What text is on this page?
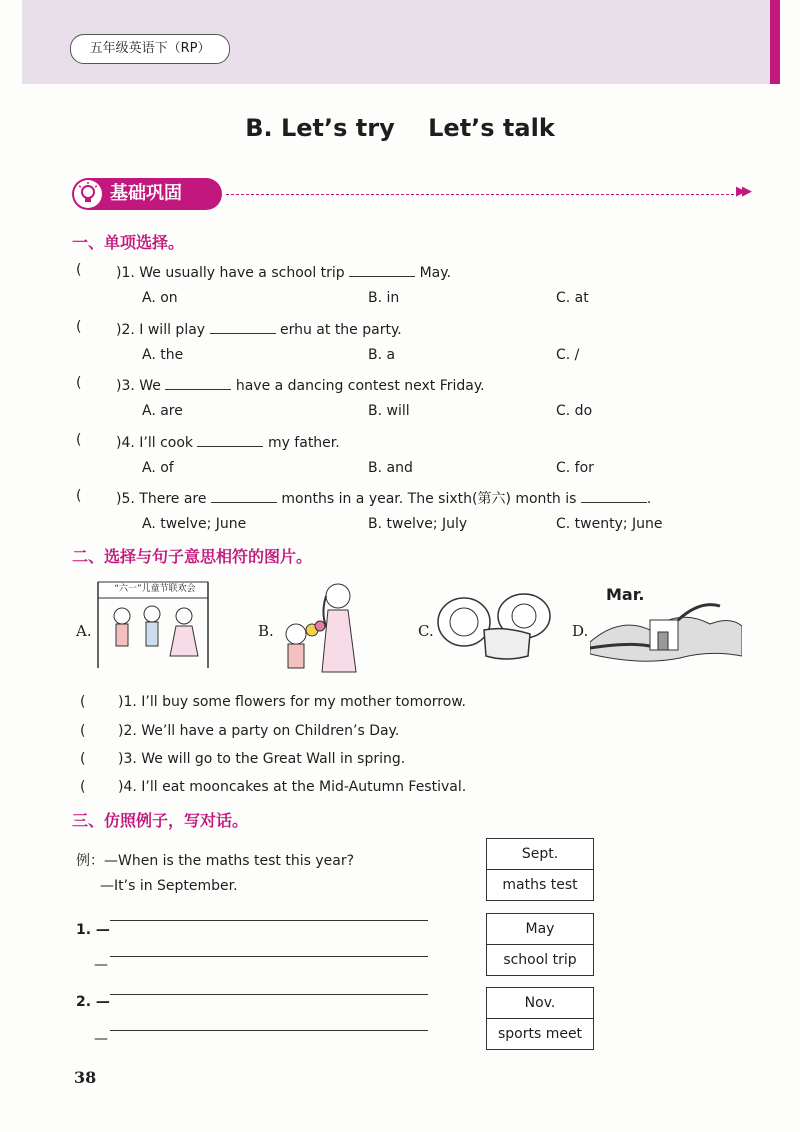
五年级英语下（RP）
B. Let’s try    Let’s talk
基础巩固	▶▶
一、单项选择。
( )1. We usually have a school trip	May.
A. on	B. in	C. at
( )2. I will play	erhu at the party.
A. the	B. a	C. /
( )3. We	have a dancing contest next Friday.
A. are	B. will	C. do
( )4. I’ll cook	my father.
A. of	B. and	C. for
( )5. There are	months in a year. The sixth(第六) month is	.
A. twelve; June	B. twelve; July	C. twenty; June
二、选择与句子意思相符的图片。
A.
“六一”儿童节联欢会
B.	C.	D.
Mar.
( )1. I’ll buy some flowers for my mother tomorrow.
( )2. We’ll have a party on Children’s Day.
( )3. We will go to the Great Wall in spring.
( )4. I’ll eat mooncakes at the Mid-Autumn Festival.
三、仿照例子，写对话。
例：—When is the maths test this year?
—It’s in September.
1. —
—
2. —
—
Sept.
maths test
May
school trip
Nov.
sports meet
38
